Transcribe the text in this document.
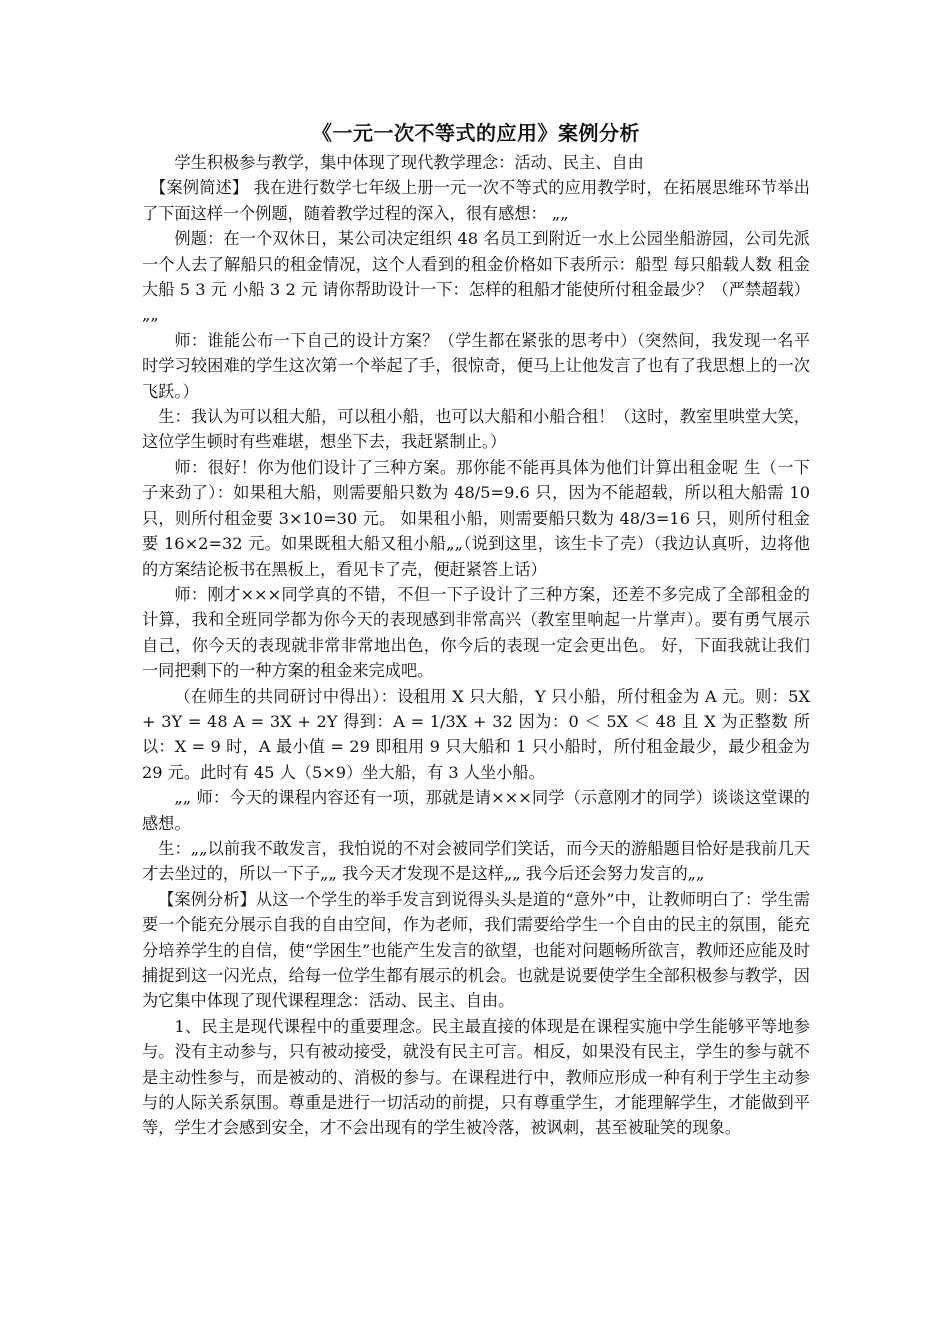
《一元一次不等式的应用》案例分析

学生积极参与教学，集中体现了现代教学理念：活动、民主、自由

【案例简述】 我在进行数学七年级上册一元一次不等式的应用教学时，在拓展思维环节举出了下面这样一个例题，随着教学过程的深入，很有感想： „„

例题：在一个双休日，某公司决定组织 48 名员工到附近一水上公园坐船游园，公司先派一个人去了解船只的租金情况，这个人看到的租金价格如下表所示：船型 每只船载人数 租金 大船 5 3 元 小船 3 2 元 请你帮助设计一下：怎样的租船才能使所付租金最少？（严禁超载） „„

师：谁能公布一下自己的设计方案？（学生都在紧张的思考中）（突然间，我发现一名平时学习较困难的学生这次第一个举起了手，很惊奇，便马上让他发言了也有了我思想上的一次飞跃。）

生：我认为可以租大船，可以租小船，也可以大船和小船合租！（这时，教室里哄堂大笑，这位学生顿时有些难堪，想坐下去，我赶紧制止。）

师：很好！你为他们设计了三种方案。那你能不能再具体为他们计算出租金呢 生（一下子来劲了）：如果租大船，则需要船只数为 48/5=9.6 只，因为不能超载，所以租大船需 10 只，则所付租金要 3×10=30 元。 如果租小船，则需要船只数为 48/3=16 只，则所付租金要 16×2=32 元。如果既租大船又租小船„„（说到这里，该生卡了壳）（我边认真听，边将他的方案结论板书在黑板上，看见卡了壳，便赶紧答上话）

师：刚才×××同学真的不错，不但一下子设计了三种方案，还差不多完成了全部租金的计算，我和全班同学都为你今天的表现感到非常高兴（教室里响起一片掌声）。要有勇气展示自己，你今天的表现就非常非常地出色，你今后的表现一定会更出色。 好，下面我就让我们一同把剩下的一种方案的租金来完成吧。

（在师生的共同研讨中得出）：设租用 X 只大船，Y 只小船，所付租金为 A 元。则：5X + 3Y = 48 A = 3X + 2Y 得到：A = 1/3X + 32 因为：0 ＜ 5X ＜ 48 且 X 为正整数 所以：X = 9 时，A 最小值 = 29 即租用 9 只大船和 1 只小船时，所付租金最少，最少租金为 29 元。此时有 45 人（5×9）坐大船，有 3 人坐小船。

„„ 师：今天的课程内容还有一项，那就是请×××同学（示意刚才的同学）谈谈这堂课的感想。

生：„„以前我不敢发言，我怕说的不对会被同学们笑话，而今天的游船题目恰好是我前几天才去坐过的，所以一下子„„ 我今天才发现不是这样„„ 我今后还会努力发言的„„

【案例分析】从这一个学生的举手发言到说得头头是道的“意外”中，让教师明白了：学生需要一个能充分展示自我的自由空间，作为老师，我们需要给学生一个自由的民主的氛围，能充分培养学生的自信，使“学困生”也能产生发言的欲望，也能对问题畅所欲言，教师还应能及时捕捉到这一闪光点，给每一位学生都有展示的机会。也就是说要使学生全部积极参与教学，因为它集中体现了现代课程理念：活动、民主、自由。

1、民主是现代课程中的重要理念。民主最直接的体现是在课程实施中学生能够平等地参与。没有主动参与，只有被动接受，就没有民主可言。相反，如果没有民主，学生的参与就不是主动性参与，而是被动的、消极的参与。在课程进行中，教师应形成一种有利于学生主动参与的人际关系氛围。尊重是进行一切活动的前提，只有尊重学生，才能理解学生，才能做到平等，学生才会感到安全，才不会出现有的学生被冷落，被讽刺，甚至被耻笑的现象。
